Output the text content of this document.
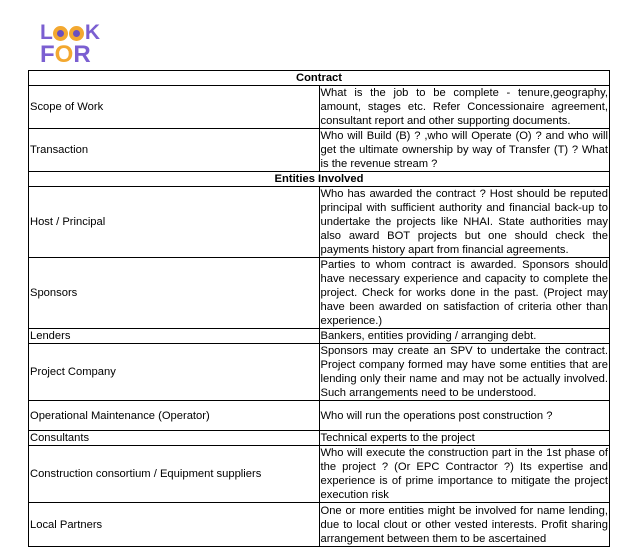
L K
F O R
Contract	
Scope of Work	What is the job to be complete - tenure,geography, amount, stages etc. Refer Concessionaire agreement, consultant report and other supporting documents.
Transaction	Who will Build (B) ? ,who will Operate (O) ? and who will get the ultimate ownership by way of Transfer (T) ? What is the revenue stream ?
Entities Involved	
Host / Principal	Who has awarded the contract ? Host should be reputed principal with sufficient authority and financial back-up to undertake the projects like NHAI. State authorities may also award BOT projects but one should check the payments history apart from financial agreements.
Sponsors	Parties to whom contract is awarded. Sponsors should have necessary experience and capacity to complete the project. Check for works done in the past. (Project may have been awarded on satisfaction of criteria other than experience.)
Lenders	Bankers, entities providing / arranging debt.
Project Company	Sponsors may create an SPV to undertake the contract. Project company formed may have some entities that are lending only their name and may not be actually involved. Such arrangements need to be understood.
Operational Maintenance (Operator)	Who will run the operations post construction ?
Consultants	Technical experts to the project
Construction consortium / Equipment suppliers	Who will execute the construction part in the 1st phase of the project ? (Or EPC Contractor ?) Its expertise and experience is of prime importance to mitigate the project execution risk
Local Partners	One or more entities might be involved for name lending, due to local clout or other vested interests. Profit sharing arrangement between them to be ascertained
